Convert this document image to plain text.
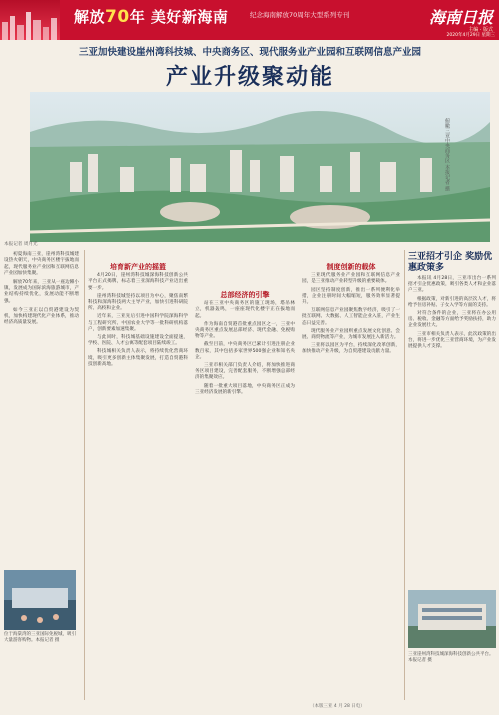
解放70年 美好新海南	纪念海南解放70周年大型系列专刊	海南日报
主编 · 版式
2020年4月29日 星期三
三亚加快建设崖州湾科技城、中央商务区、现代服务业产业园和互联网信息产业园
产业升级聚动能
俯瞰三亚中央商务区 本报记者 摄
本报记者 周月光
初夏海南三亚，崖州湾科技城建设热火朝天，中央商务区楼宇拔地而起，现代服务业产业园和互联网信息产业园加快集聚。
解放70年来，三亚从一座边陲小镇，发展成为国际滨海旅游城市，产业结构持续优化，发展动能不断增强。
如今三亚正以自贸港建设为契机，加快构建现代化产业体系，推动经济高质量发展。
位于海棠湾的三亚国际免税城，吸引大量游客购物。本报记者 摄
培育新产业的摇篮
4月20日，崖州湾科技城深海科技创新公共平台正式揭牌，标志着三亚深海科技产业迈出重要一步。
崖州湾科技城坚持以项目为中心，聚焦南繁科技和深海科技两大主导产业，加快引进科研院所、高校和企业。
近年来，三亚先后引进中国科学院深海科学与工程研究所、中国农业大学等一批科研机构落户，创新要素加速集聚。
与此同时，科技城基础设施建设全面提速，学校、医院、人才公寓等配套项目陆续竣工。
科技城相关负责人表示，将持续优化营商环境，吸引更多创新主体集聚发展，打造自贸港科技创新高地。
总部经济的引擎
站在三亚中央商务区的施工现场，塔吊林立，机器轰鸣，一座座现代化楼宇正在拔地而起。
作为海南自贸港首批重点园区之一，三亚中央商务区重点发展总部经济、现代金融、免税购物等产业。
截至目前，中央商务区已累计引进注册企业数百家，其中包括多家世界500强企业和知名央企。
三亚市相关部门负责人介绍，将加快推进商务区项目建设，完善配套服务，不断增强总部经济的集聚效应。
随着一批重大项目落地，中央商务区正成为三亚经济发展的新引擎。
制度创新的载体
三亚现代服务业产业园和互联网信息产业园，是三亚推动产业转型升级的重要载体。
园区坚持制度创新，推出一系列便利化举措，企业注册时间大幅缩短，服务效率显著提升。
互联网信息产业园聚焦数字经济，吸引了一批互联网、大数据、人工智能企业入驻，产业生态日益完善。
现代服务业产业园则重点发展文化创意、会展、商贸物流等产业，为城市发展注入新活力。
三亚将以园区为平台，持续深化改革创新，加快推动产业升级，为自贸港建设贡献力量。
三亚招才引企 奖励优惠政策多
本报讯 4月28日，三亚市出台一系列招才引企优惠政策，吸引各类人才和企业落户三亚。
根据政策，对新引进的高层次人才，将给予住房补贴、子女入学等方面的支持。
对符合条件的企业，三亚将在办公用房、税收、金融等方面给予奖励扶持，助力企业发展壮大。
三亚市相关负责人表示，此次政策的出台，将进一步优化三亚营商环境，为产业发展提供人才支撑。
三亚崖州湾科技城深海科技创新公共平台。本报记者 摄
（本版三亚 4 月 28 日电）
